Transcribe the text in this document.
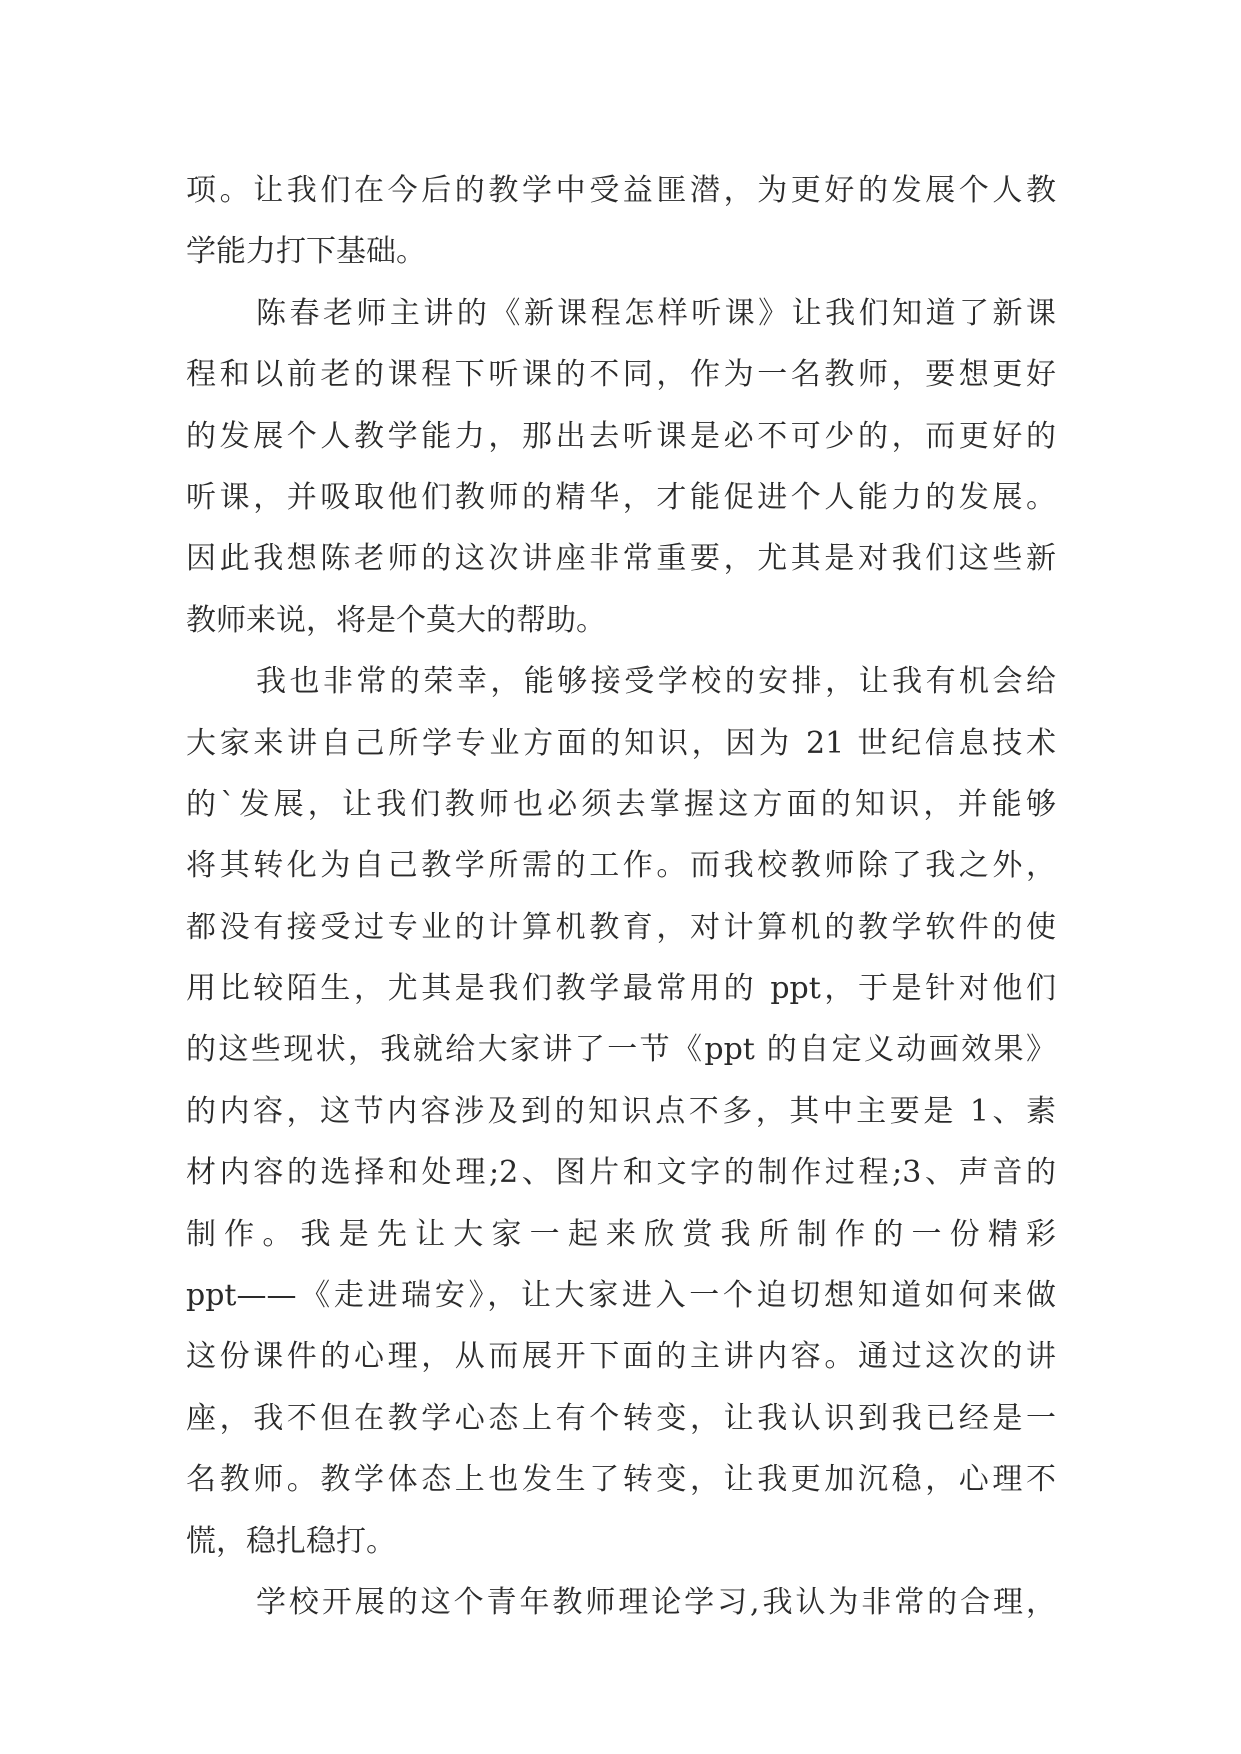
项。让我们在今后的教学中受益匪潜，为更好的发展个人教
学能力打下基础。
陈春老师主讲的《新课程怎样听课》让我们知道了新课
程和以前老的课程下听课的不同，作为一名教师，要想更好
的发展个人教学能力，那出去听课是必不可少的，而更好的
听课，并吸取他们教师的精华，才能促进个人能力的发展。
因此我想陈老师的这次讲座非常重要，尤其是对我们这些新
教师来说，将是个莫大的帮助。
我也非常的荣幸，能够接受学校的安排，让我有机会给
大家来讲自己所学专业方面的知识，因为 21 世纪信息技术
的`发展，让我们教师也必须去掌握这方面的知识，并能够
将其转化为自己教学所需的工作。而我校教师除了我之外，
都没有接受过专业的计算机教育，对计算机的教学软件的使
用比较陌生，尤其是我们教学最常用的 ppt，于是针对他们
的这些现状，我就给大家讲了一节《ppt 的自定义动画效果》
的内容，这节内容涉及到的知识点不多，其中主要是 1、素
材内容的选择和处理;2、图片和文字的制作过程;3、声音的
制作。我是先让大家一起来欣赏我所制作的一份精彩
ppt——《走进瑞安》，让大家进入一个迫切想知道如何来做
这份课件的心理，从而展开下面的主讲内容。通过这次的讲
座，我不但在教学心态上有个转变，让我认识到我已经是一
名教师。教学体态上也发生了转变，让我更加沉稳，心理不
慌，稳扎稳打。
学校开展的这个青年教师理论学习,我认为非常的合理，
